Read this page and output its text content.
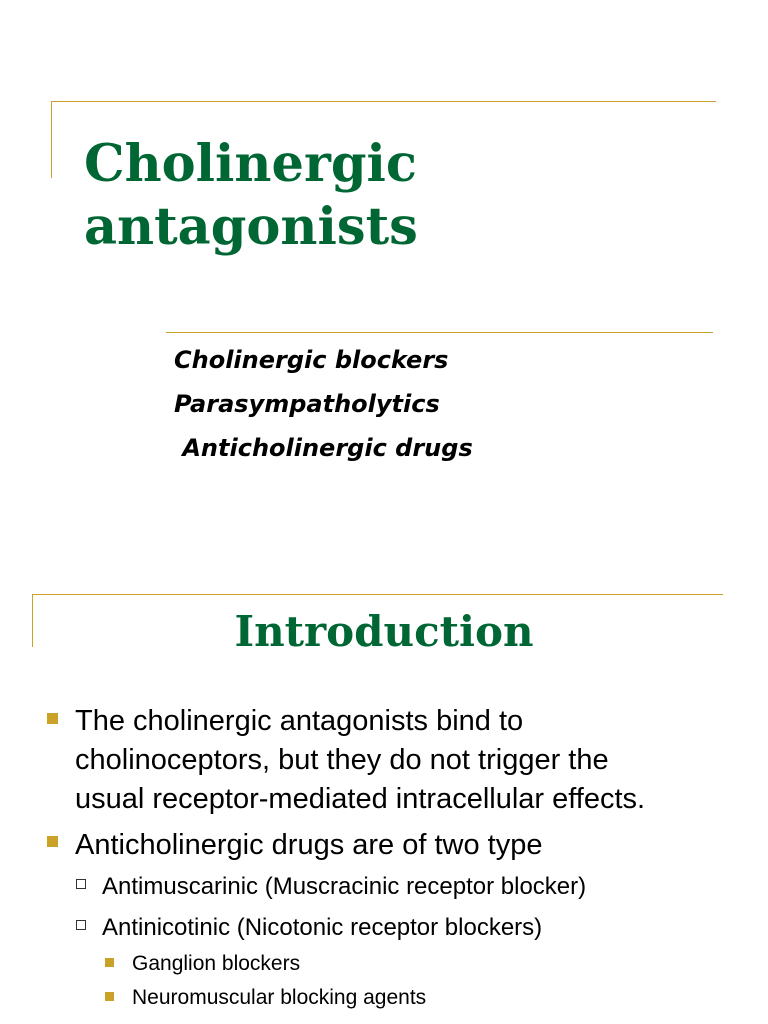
Cholinergic
antagonists
Cholinergic blockers
Parasympatholytics
Anticholinergic drugs
Introduction
The cholinergic antagonists bind to
cholinoceptors, but they do not trigger the
usual receptor-mediated intracellular effects.
Anticholinergic drugs are of two type
Antimuscarinic (Muscracinic receptor blocker)
Antinicotinic (Nicotonic receptor blockers)
Ganglion blockers
Neuromuscular blocking agents
